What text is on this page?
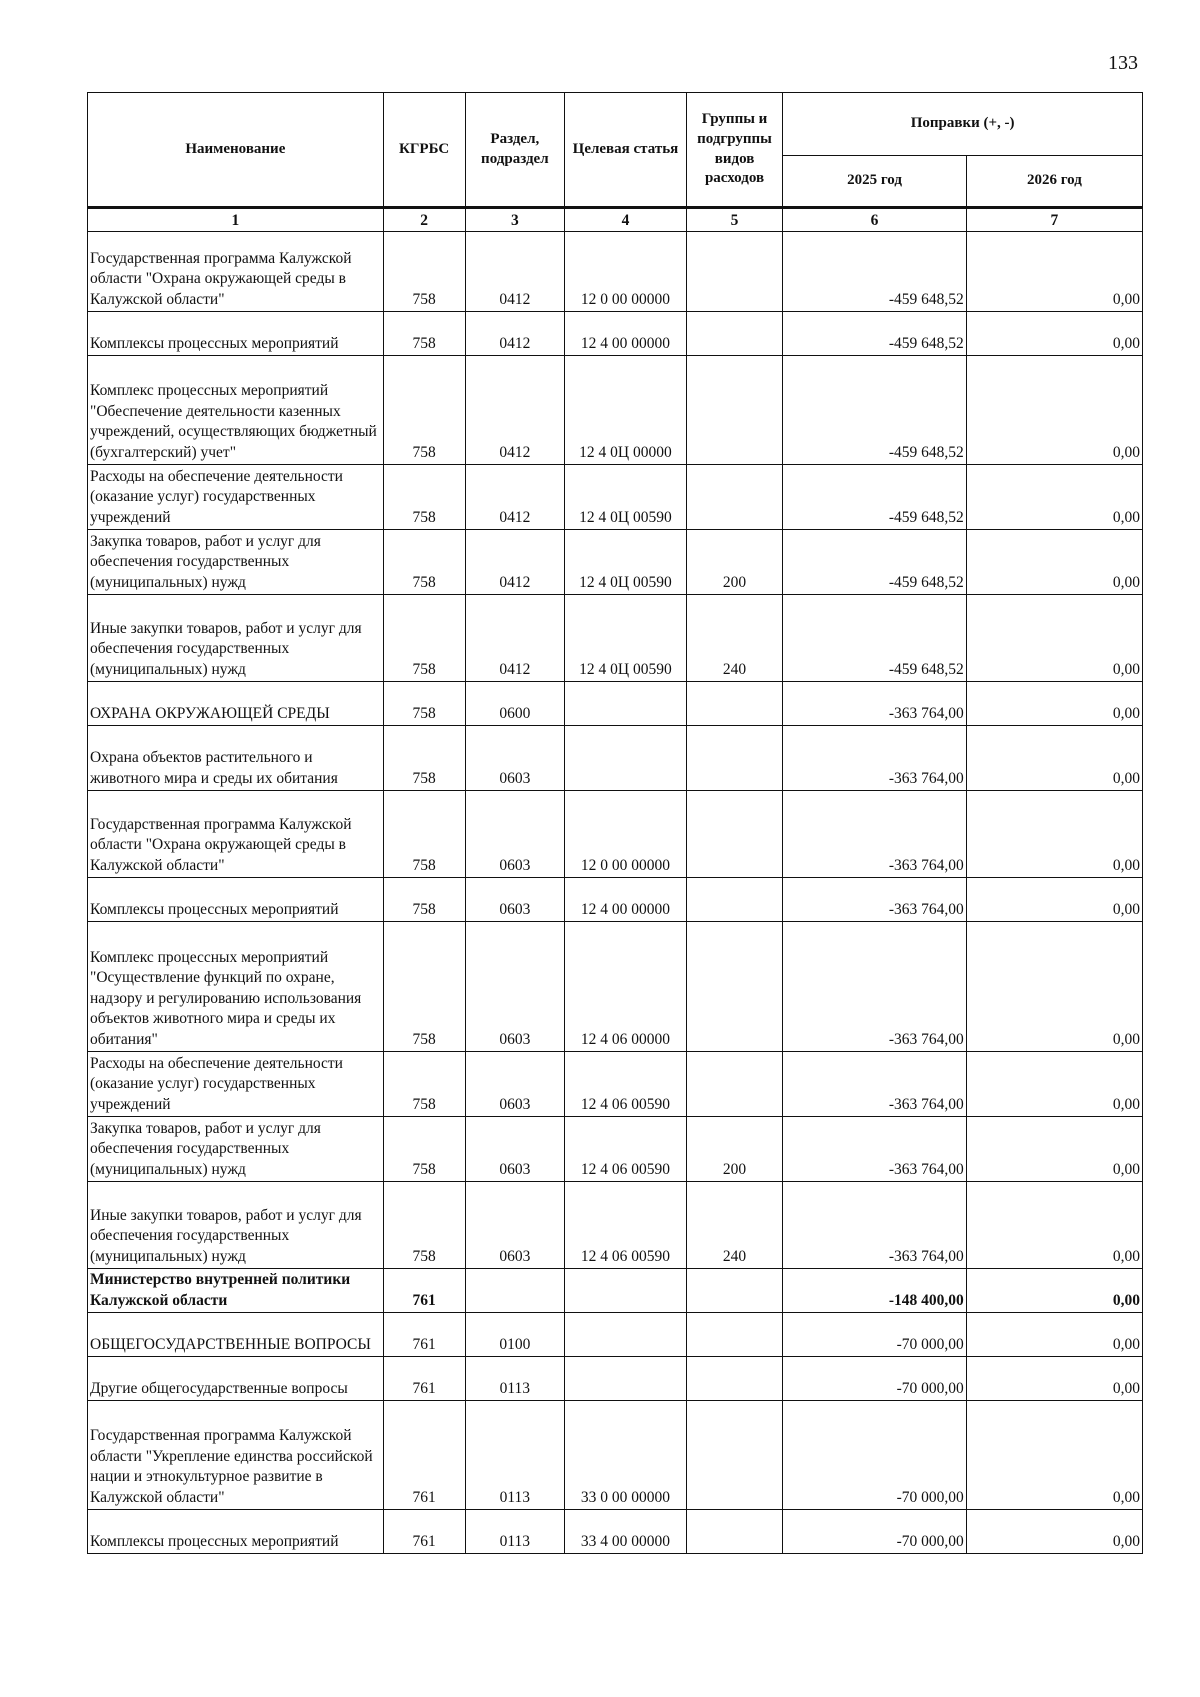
133
Наименование	КГРБС	Раздел, подраздел	Целевая статья	Группы и подгруппы видов расходов	Поправки (+, -)	
					2025 год	2026 год
1	2	3	4	5	6	7
Государственная программа Калужской области "Охрана окружающей среды в Калужской области"	758	0412	12 0 00 00000		-459 648,52	0,00
Комплексы процессных мероприятий	758	0412	12 4 00 00000		-459 648,52	0,00
Комплекс процессных мероприятий "Обеспечение деятельности казенных учреждений, осуществляющих бюджетный (бухгалтерский) учет"	758	0412	12 4 0Ц 00000		-459 648,52	0,00
Расходы на обеспечение деятельности (оказание услуг) государственных учреждений	758	0412	12 4 0Ц 00590		-459 648,52	0,00
Закупка товаров, работ и услуг для обеспечения государственных (муниципальных) нужд	758	0412	12 4 0Ц 00590	200	-459 648,52	0,00
Иные закупки товаров, работ и услуг для обеспечения государственных (муниципальных) нужд	758	0412	12 4 0Ц 00590	240	-459 648,52	0,00
ОХРАНА ОКРУЖАЮЩЕЙ СРЕДЫ	758	0600			-363 764,00	0,00
Охрана объектов растительного и животного мира и среды их обитания	758	0603			-363 764,00	0,00
Государственная программа Калужской области "Охрана окружающей среды в Калужской области"	758	0603	12 0 00 00000		-363 764,00	0,00
Комплексы процессных мероприятий	758	0603	12 4 00 00000		-363 764,00	0,00
Комплекс процессных мероприятий "Осуществление функций по охране, надзору и регулированию использования объектов животного мира и среды их обитания"	758	0603	12 4 06 00000		-363 764,00	0,00
Расходы на обеспечение деятельности (оказание услуг) государственных учреждений	758	0603	12 4 06 00590		-363 764,00	0,00
Закупка товаров, работ и услуг для обеспечения государственных (муниципальных) нужд	758	0603	12 4 06 00590	200	-363 764,00	0,00
Иные закупки товаров, работ и услуг для обеспечения государственных (муниципальных) нужд	758	0603	12 4 06 00590	240	-363 764,00	0,00
Министерство внутренней политики Калужской области	761				-148 400,00	0,00
ОБЩЕГОСУДАРСТВЕННЫЕ ВОПРОСЫ	761	0100			-70 000,00	0,00
Другие общегосударственные вопросы	761	0113			-70 000,00	0,00
Государственная программа Калужской области "Укрепление единства российской нации и этнокультурное развитие в Калужской области"	761	0113	33 0 00 00000		-70 000,00	0,00
Комплексы процессных мероприятий	761	0113	33 4 00 00000		-70 000,00	0,00
